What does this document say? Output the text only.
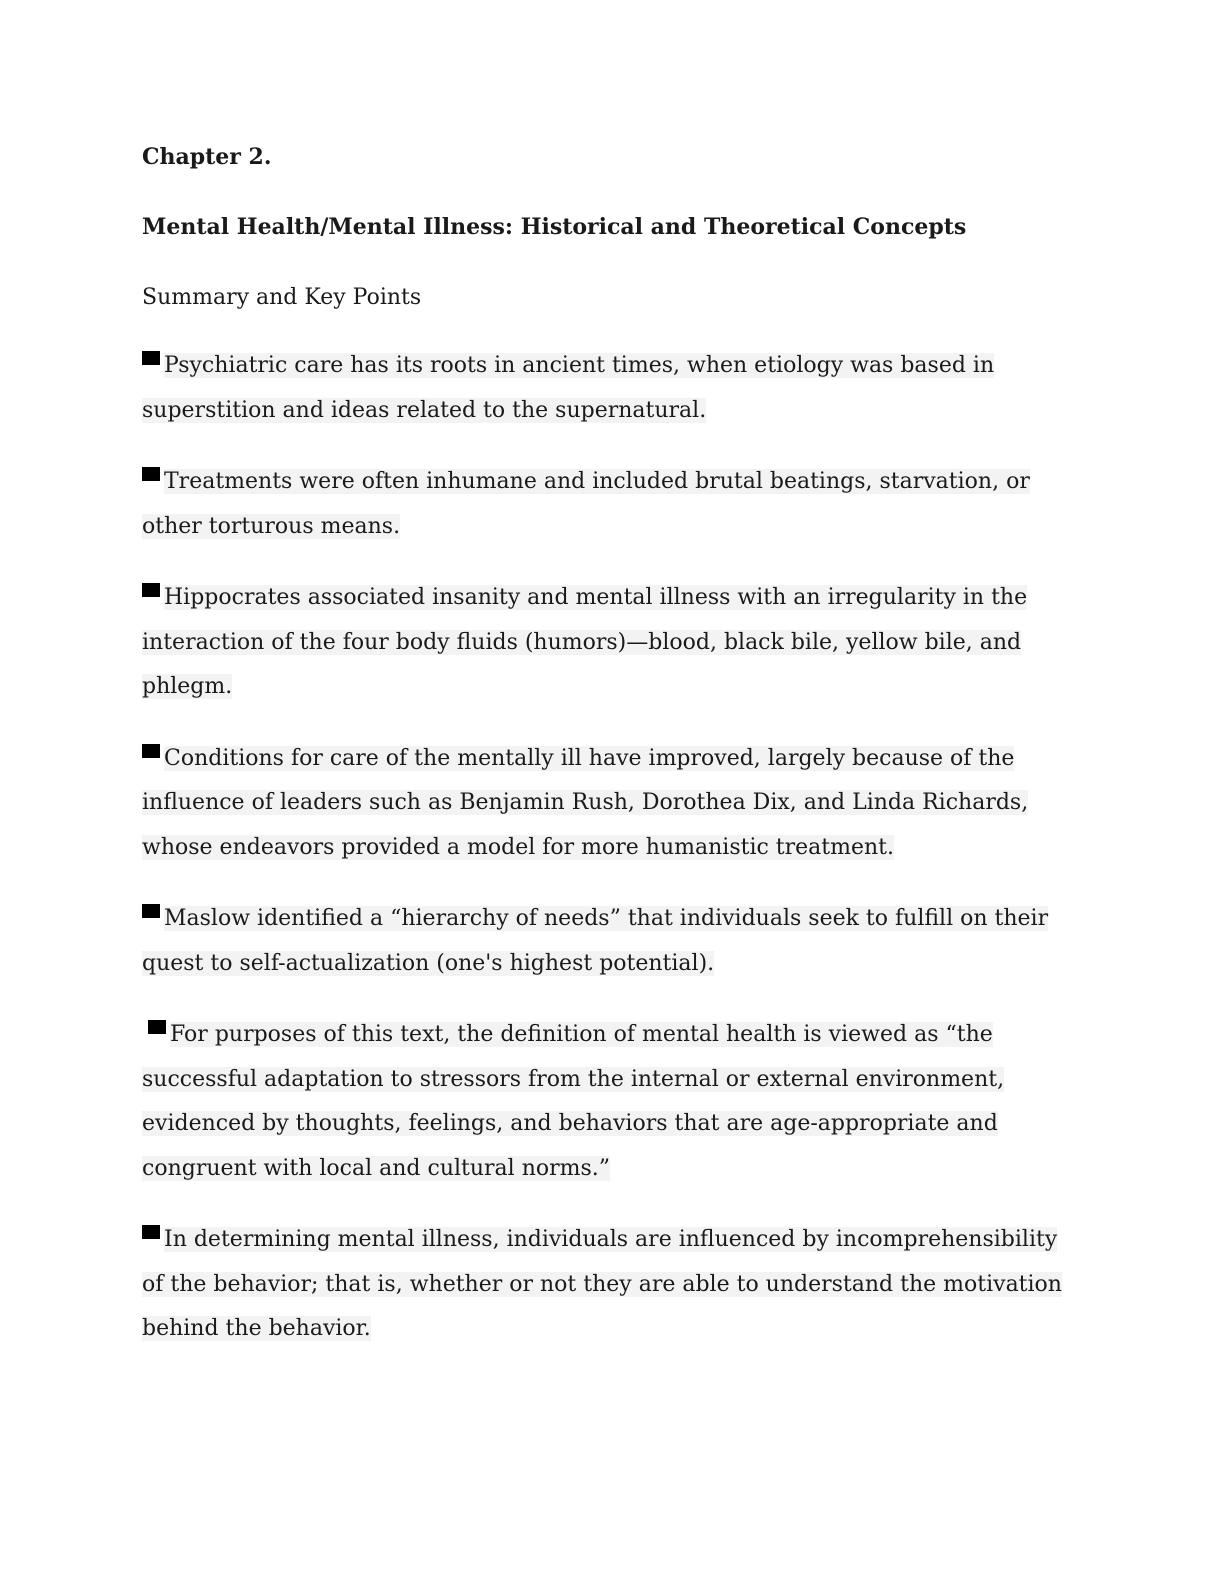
Chapter 2.
Mental Health/Mental Illness: Historical and Theoretical Concepts

Summary and Key Points

Psychiatric care has its roots in ancient times, when etiology was based in superstition and ideas related to the supernatural.
Treatments were often inhumane and included brutal beatings, starvation, or other torturous means.
Hippocrates associated insanity and mental illness with an irregularity in the interaction of the four body fluids (humors)—blood, black bile, yellow bile, and phlegm.
Conditions for care of the mentally ill have improved, largely because of the influence of leaders such as Benjamin Rush, Dorothea Dix, and Linda Richards, whose endeavors provided a model for more humanistic treatment.
Maslow identified a “hierarchy of needs” that individuals seek to fulfill on their quest to self-actualization (one's highest potential).
For purposes of this text, the definition of mental health is viewed as “the successful adaptation to stressors from the internal or external environment, evidenced by thoughts, feelings, and behaviors that are age-appropriate and congruent with local and cultural norms.”
In determining mental illness, individuals are influenced by incomprehensibility of the behavior; that is, whether or not they are able to understand the motivation behind the behavior.
